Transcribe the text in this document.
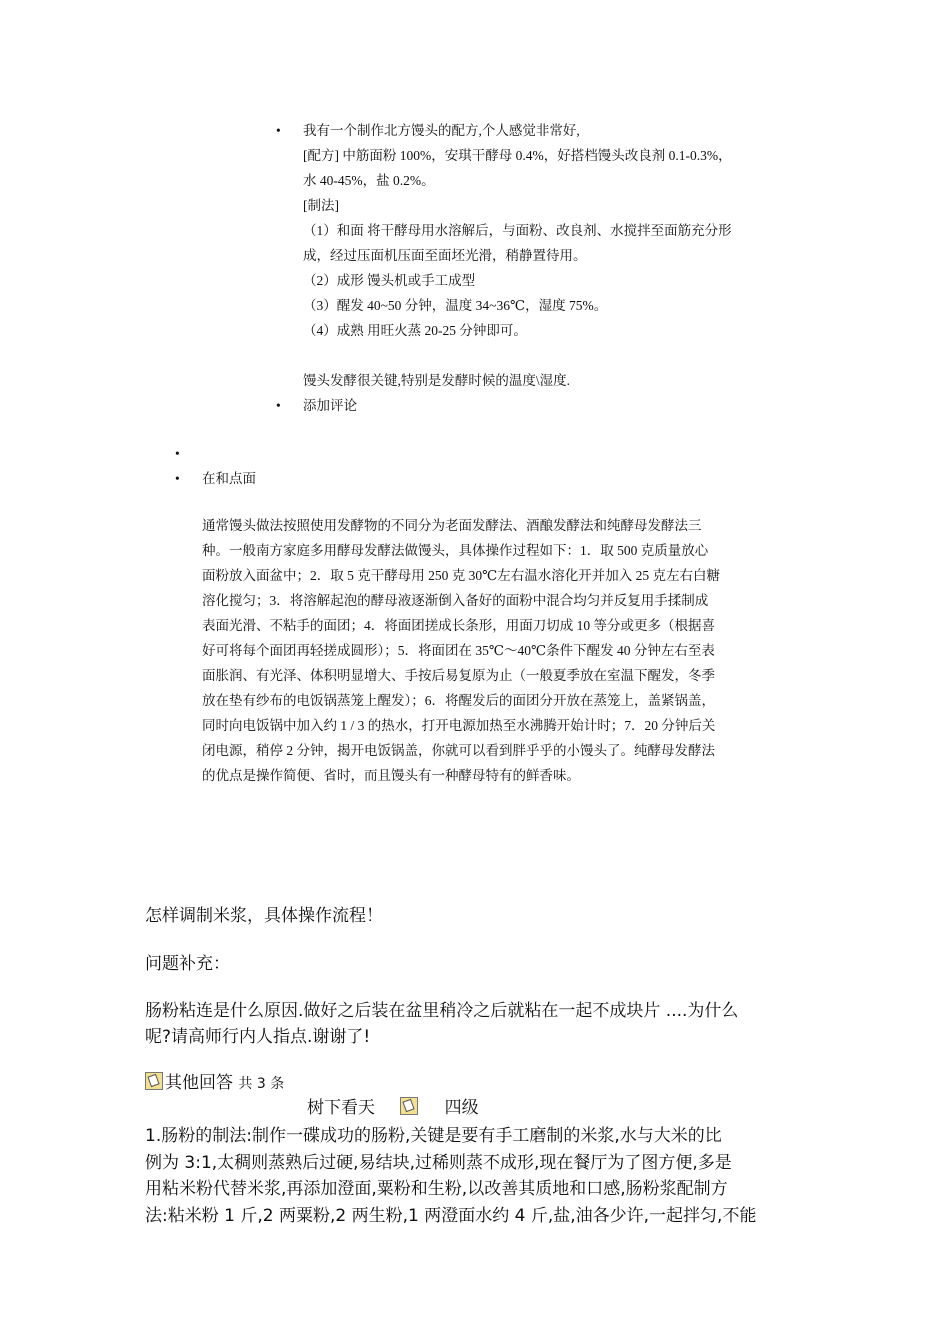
• 我有一个制作北方馒头的配方,个人感觉非常好,
[配方] 中筋面粉 100%，安琪干酵母 0.4%，好搭档馒头改良剂 0.1-0.3%，
水 40-45%，盐 0.2%。
[制法]
（1）和面 将干酵母用水溶解后，与面粉、改良剂、水搅拌至面筋充分形
成，经过压面机压面至面坯光滑，稍静置待用。
（2）成形 馒头机或手工成型
（3）醒发 40~50 分钟，温度 34~36℃，湿度 75%。
（4）成熟 用旺火蒸 20-25 分钟即可。
馒头发酵很关键,特别是发酵时候的温度\湿度.
• 添加评论
•
• 在和点面
通常馒头做法按照使用发酵物的不同分为老面发酵法、酒酿发酵法和纯酵母发酵法三
种。一般南方家庭多用酵母发酵法做馒头，具体操作过程如下：1．取 500 克质量放心
面粉放入面盆中；2．取 5 克干酵母用 250 克 30℃左右温水溶化开并加入 25 克左右白糖
溶化搅匀；3．将溶解起泡的酵母液逐渐倒入备好的面粉中混合均匀并反复用手揉制成
表面光滑、不粘手的面团；4．将面团搓成长条形，用面刀切成 10 等分或更多（根据喜
好可将每个面团再轻搓成圆形）；5．将面团在 35℃～40℃条件下醒发 40 分钟左右至表
面胀润、有光泽、体积明显增大、手按后易复原为止（一般夏季放在室温下醒发，冬季
放在垫有纱布的电饭锅蒸笼上醒发）；6．将醒发后的面团分开放在蒸笼上，盖紧锅盖，
同时向电饭锅中加入约 1 / 3 的热水，打开电源加热至水沸腾开始计时；7．20 分钟后关
闭电源，稍停 2 分钟，揭开电饭锅盖，你就可以看到胖乎乎的小馒头了。纯酵母发酵法
的优点是操作简便、省时，而且馒头有一种酵母特有的鲜香味。
怎样调制米浆，具体操作流程！
问题补充：
肠粉粘连是什么原因.做好之后装在盆里稍冷之后就粘在一起不成块片 ....为什么
呢?请高师行内人指点.谢谢了!
其他回答 共 3 条
树下看天	四级
1.肠粉的制法:制作一碟成功的肠粉,关键是要有手工磨制的米浆,水与大米的比
例为 3:1,太稠则蒸熟后过硬,易结块,过稀则蒸不成形,现在餐厅为了图方便,多是
用粘米粉代替米浆,再添加澄面,粟粉和生粉,以改善其质地和口感,肠粉浆配制方
法:粘米粉 1 斤,2 两粟粉,2 两生粉,1 两澄面水约 4 斤,盐,油各少许,一起拌匀,不能
